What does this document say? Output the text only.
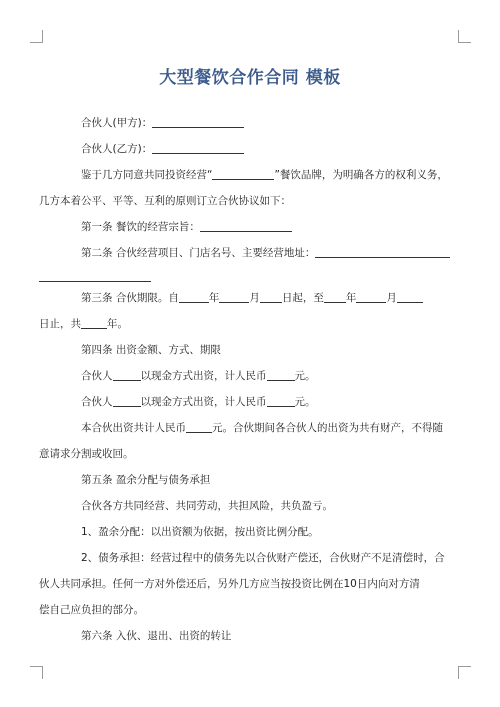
大型餐饮合作合同 模板

合伙人(甲方)：

合伙人(乙方)：

鉴于几方同意共同投资经营“	”餐饮品牌，为明确各方的权利义务，

几方本着公平、平等、互利的原则订立合伙协议如下：

第一条 餐饮的经营宗旨：

第二条 合伙经营项目、门店名号、主要经营地址：

第三条 合伙期限。自	年	月 日起，至 年	月

日止，共 年。

第四条 出资金额、方式、期限

合伙人	以现金方式出资，计人民币	元。

合伙人	以现金方式出资，计人民币	元。

本合伙出资共计人民币 元。合伙期间各合伙人的出资为共有财产，不得随

意请求分割或收回。

第五条 盈余分配与债务承担

合伙各方共同经营、共同劳动，共担风险，共负盈亏。

1、盈余分配：以出资额为依据，按出资比例分配。

2、债务承担：经营过程中的债务先以合伙财产偿还，合伙财产不足清偿时，合

伙人共同承担。任何一方对外偿还后，另外几方应当按投资比例在10日内向对方清

偿自己应负担的部分。

第六条 入伙、退出、出资的转让
